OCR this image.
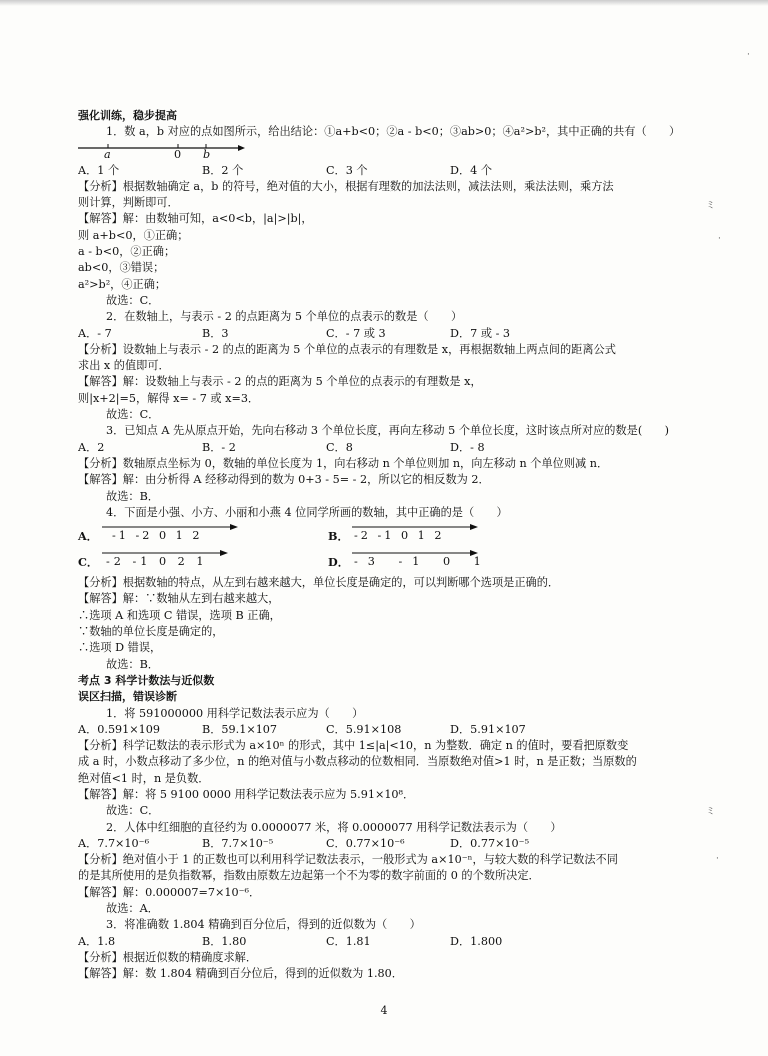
·
ミ
·
ミ
·
强化训练，稳步提高
1．数 a，b 对应的点如图所示，给出结论：①a+b<0；②a - b<0；③ab>0；④a²>b²，其中正确的共有（　　）
a	0 b
A．1 个	B．2 个	C．3 个	D．4 个
【分析】根据数轴确定 a，b 的符号，绝对值的大小，根据有理数的加法法则，减法法则，乘法法则，乘方法
则计算，判断即可．
【解答】解：由数轴可知，a<0<b，|a|>|b|，
则 a+b<0，①正确；
a - b<0，②正确；
ab<0，③错误；
a²>b²，④正确；
故选：C．
2．在数轴上，与表示 - 2 的点距离为 5 个单位的点表示的数是（　　）
A．- 7	B．3	C．- 7 或 3	D．7 或 - 3
【分析】设数轴上与表示 - 2 的点的距离为 5 个单位的点表示的有理数是 x，再根据数轴上两点间的距离公式
求出 x 的值即可．
【解答】解：设数轴上与表示 - 2 的点的距离为 5 个单位的点表示的有理数是 x，
则|x+2|=5，解得 x= - 7 或 x=3．
故选：C．
3．已知点 A 先从原点开始，先向右移动 3 个单位长度，再向左移动 5 个单位长度，这时该点所对应的数是(　　)
A．2	B．- 2	C．8	D．- 8
【分析】数轴原点坐标为 0，数轴的单位长度为 1，向右移动 n 个单位则加 n，向左移动 n 个单位则减 n．
【解答】解：由分析得 A 经移动得到的数为 0+3 - 5= - 2，所以它的相反数为 2．
故选：B．
4．下面是小强、小方、小丽和小燕 4 位同学所画的数轴，其中正确的是（　　）
A． -1 -2 0 1 2	B． -2 -1 0 1 2
C． -2 -1 0 2 1	D． -3 -1 0 1
【分析】根据数轴的特点，从左到右越来越大，单位长度是确定的，可以判断哪个选项是正确的．
【解答】解：∵数轴从左到右越来越大，
∴选项 A 和选项 C 错误，选项 B 正确，
∵数轴的单位长度是确定的，
∴选项 D 错误，
故选：B．
考点 3 科学计数法与近似数
误区扫描，错误诊断
1．将 591000000 用科学记数法表示应为（　　）
A．0.591×109	B．59.1×107	C．5.91×108	D．5.91×107
【分析】科学记数法的表示形式为 a×10ⁿ 的形式，其中 1≤|a|<10，n 为整数．确定 n 的值时，要看把原数变
成 a 时，小数点移动了多少位，n 的绝对值与小数点移动的位数相同．当原数绝对值>1 时，n 是正数；当原数的
绝对值<1 时，n 是负数．
【解答】解：将 5 9100 0000 用科学记数法表示应为 5.91×10⁸．
故选：C．
2．人体中红细胞的直径约为 0.0000077 米，将 0.0000077 用科学记数法表示为（　　）
A．7.7×10⁻⁶	B．7.7×10⁻⁵	C．0.77×10⁻⁶	D．0.77×10⁻⁵
【分析】绝对值小于 1 的正数也可以利用科学记数法表示，一般形式为 a×10⁻ⁿ，与较大数的科学记数法不同
的是其所使用的是负指数幂，指数由原数左边起第一个不为零的数字前面的 0 的个数所决定．
【解答】解：0.000007=7×10⁻⁶．
故选：A．
3．将准确数 1.804 精确到百分位后，得到的近似数为（　　）
A．1.8	B．1.80	C．1.81	D．1.800
【分析】根据近似数的精确度求解．
【解答】解：数 1.804 精确到百分位后，得到的近似数为 1.80．
4
